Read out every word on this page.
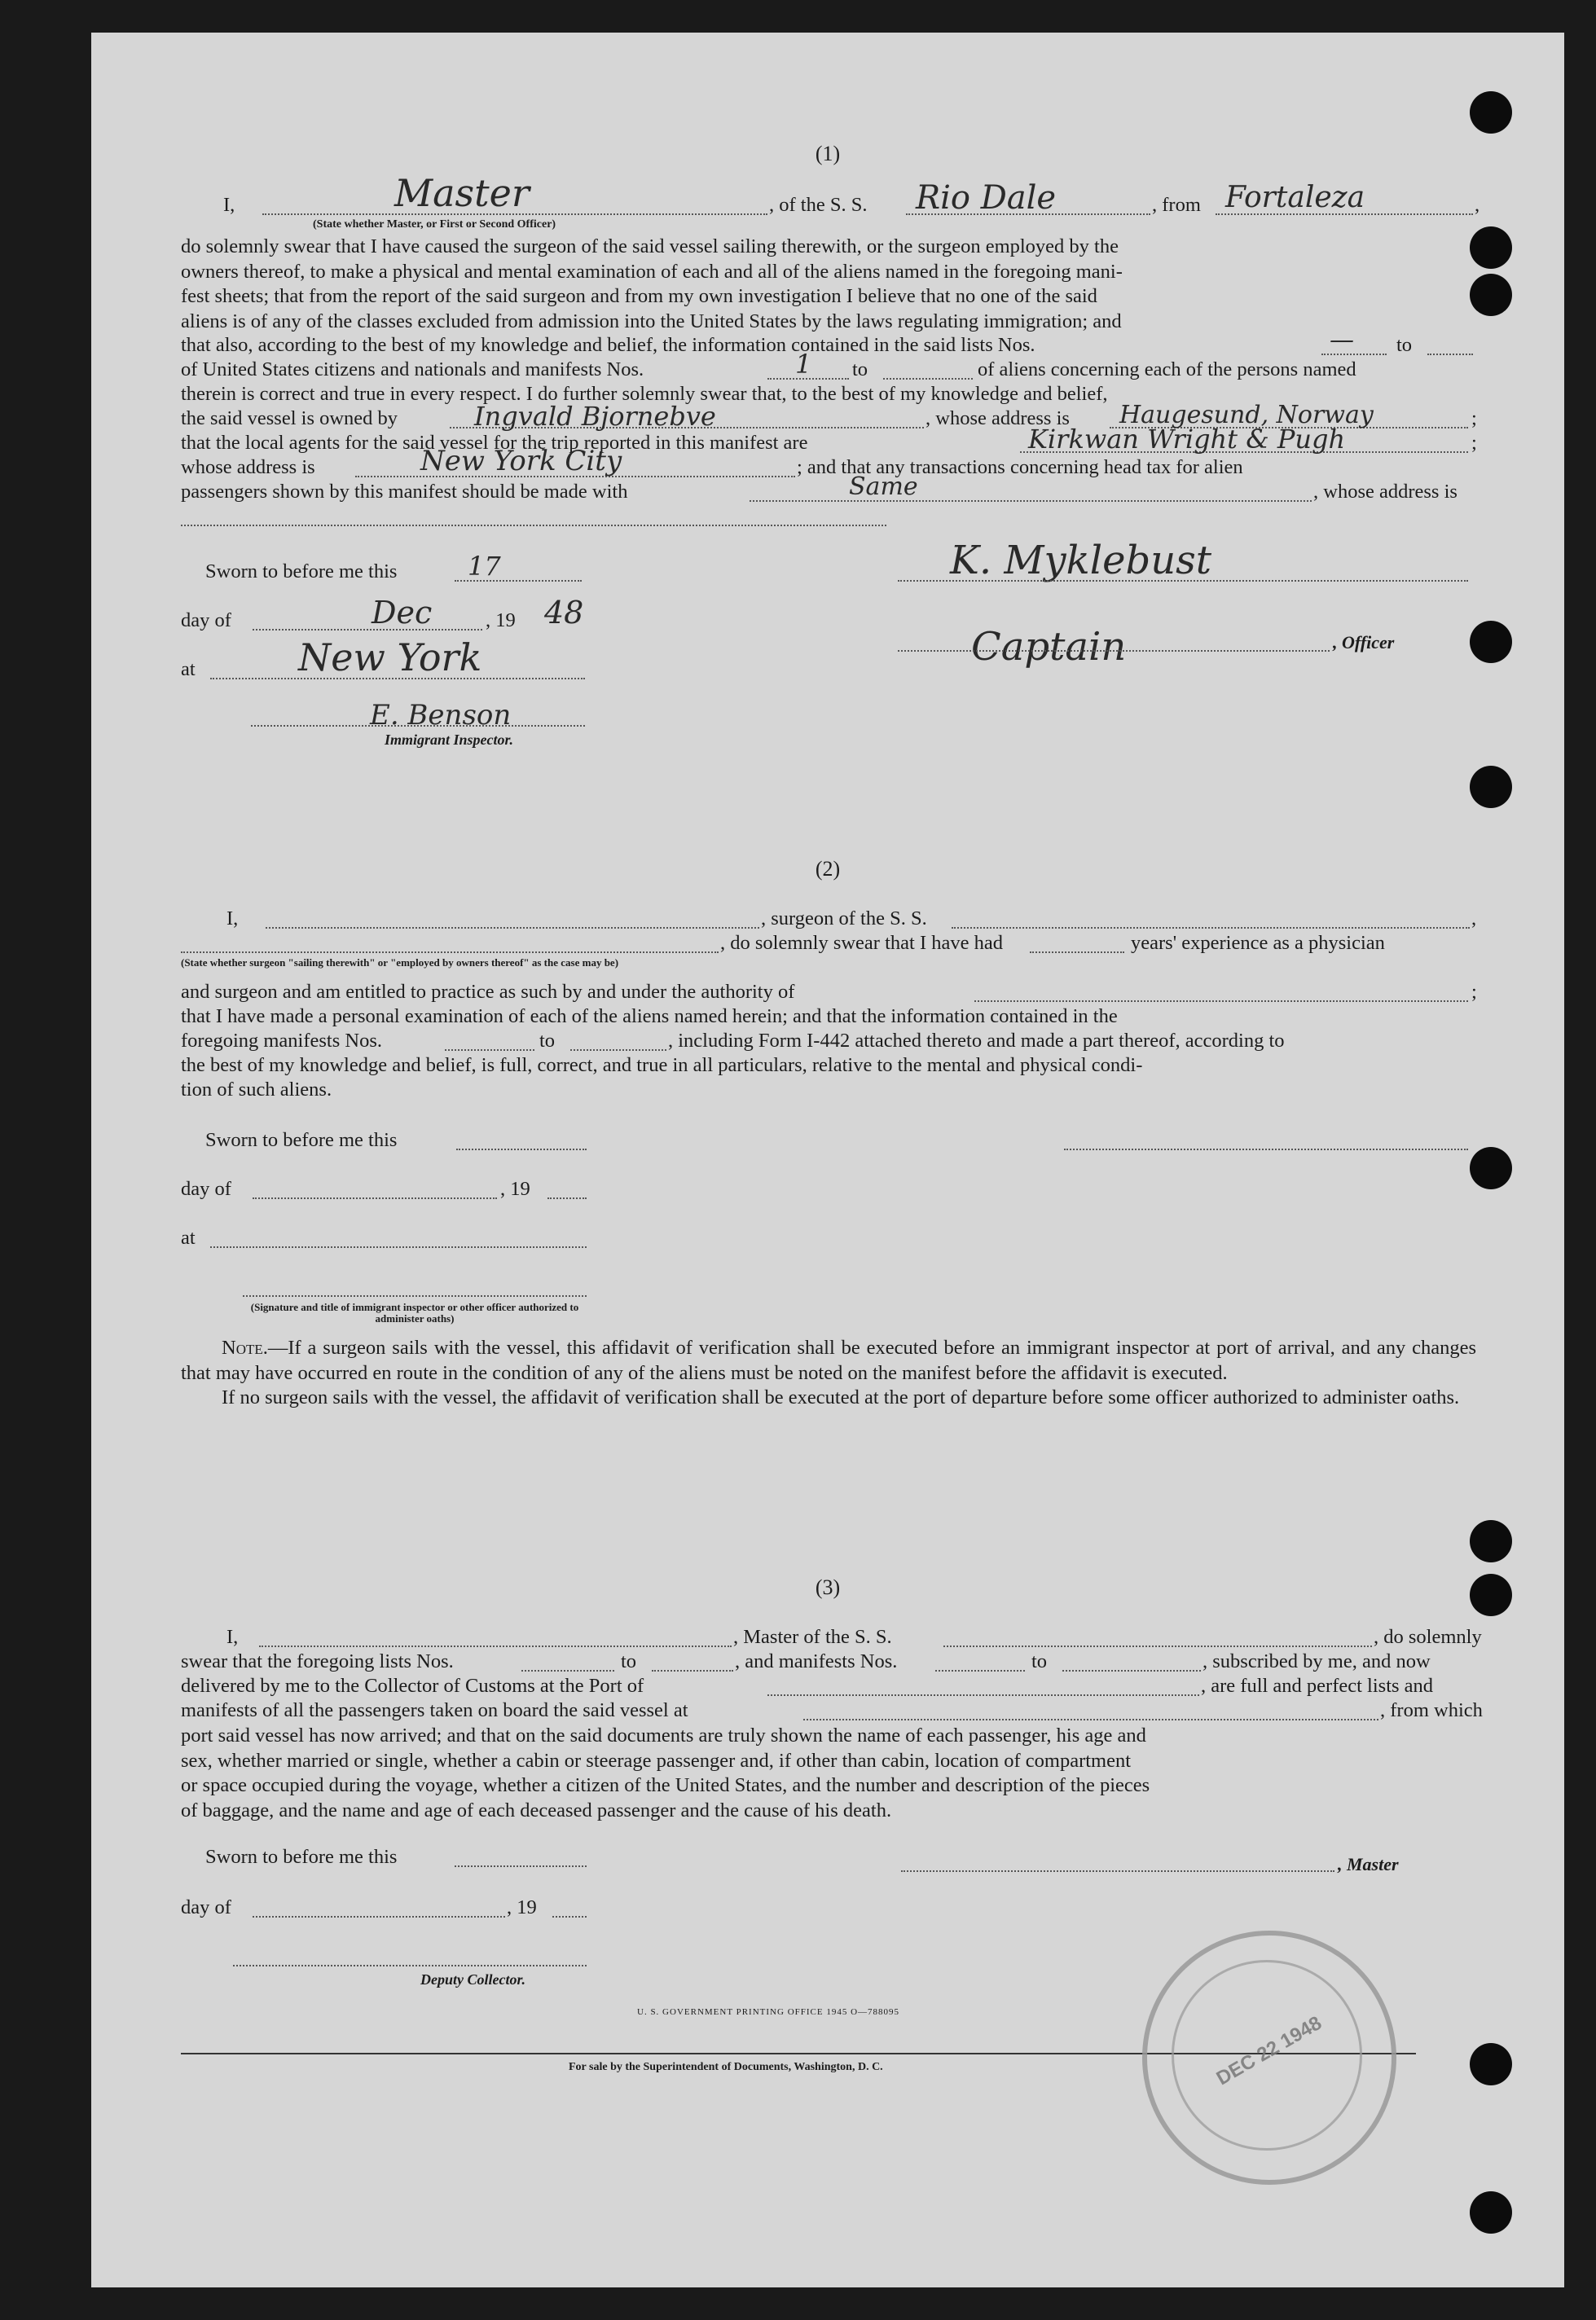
(1)
I,	, of the S. S.	, from	,
(State whether Master, or First or Second Officer)
Master	Rio Dale	Fortaleza

do solemnly swear that I have caused the surgeon of the said vessel sailing therewith, or the surgeon employed by the

owners thereof, to make a physical and mental examination of each and all of the aliens named in the foregoing mani-

fest sheets; that from the report of the said surgeon and from my own investigation I believe that no one of the said

aliens is of any of the classes excluded from admission into the United States by the laws regulating immigration; and

that also, according to the best of my knowledge and belief, the information contained in the said lists Nos.	— to
of United States citizens and nationals and manifests Nos.	1 to	of aliens concerning each of the persons named
therein is correct and true in every respect. I do further solemnly swear that, to the best of my knowledge and belief,
the said vessel is owned by	Ingvald Bjornebve	, whose address is Haugesund, Norway	;
that the local agents for the said vessel for the trip reported in this manifest are	Kirkwan Wright & Pugh	;
whose address is	New York City	; and that any transactions concerning head tax for alien
passengers shown by this manifest should be made with	Same	, whose address is
Sworn to before me this	17
day of	Dec	, 19 48
at	New York
E. Benson
Immigrant Inspector.
K. Myklebust
Captain	, Officer
(2)
I,	, surgeon of the S. S.	,
, do solemnly swear that I have had	years' experience as a physician
(State whether surgeon "sailing therewith" or "employed by owners thereof" as the case may be)
and surgeon and am entitled to practice as such by and under the authority of	;
that I have made a personal examination of each of the aliens named herein; and that the information contained in the
foregoing manifests Nos.	to	, including Form I-442 attached thereto and made a part thereof, according to
the best of my knowledge and belief, is full, correct, and true in all particulars, relative to the mental and physical condi-
tion of such aliens.
Sworn to before me this
day of	, 19
at
(Signature and title of immigrant inspector or other officer authorized to administer oaths)

Note.—If a surgeon sails with the vessel, this affidavit of verification shall be executed before an immigrant inspector at port of arrival, and any changes that may have occurred en route in the condition of any of the aliens must be noted on the manifest before the affidavit is executed.

If no surgeon sails with the vessel, the affidavit of verification shall be executed at the port of departure before some officer authorized to administer oaths.

(3)
I,	, Master of the S. S.	, do solemnly
swear that the foregoing lists Nos.	to	, and manifests Nos.	to	, subscribed by me, and now
delivered by me to the Collector of Customs at the Port of	, are full and perfect lists and
manifests of all the passengers taken on board the said vessel at	, from which

port said vessel has now arrived; and that on the said documents are truly shown the name of each passenger, his age and

sex, whether married or single, whether a cabin or steerage passenger and, if other than cabin, location of compartment

or space occupied during the voyage, whether a citizen of the United States, and the number and description of the pieces

of baggage, and the name and age of each deceased passenger and the cause of his death.

Sworn to before me this	, Master
day of	, 19
Deputy Collector.
U. S. GOVERNMENT PRINTING OFFICE 1945 O—788095
For sale by the Superintendent of Documents, Washington, D. C.	DEC 22 1948
